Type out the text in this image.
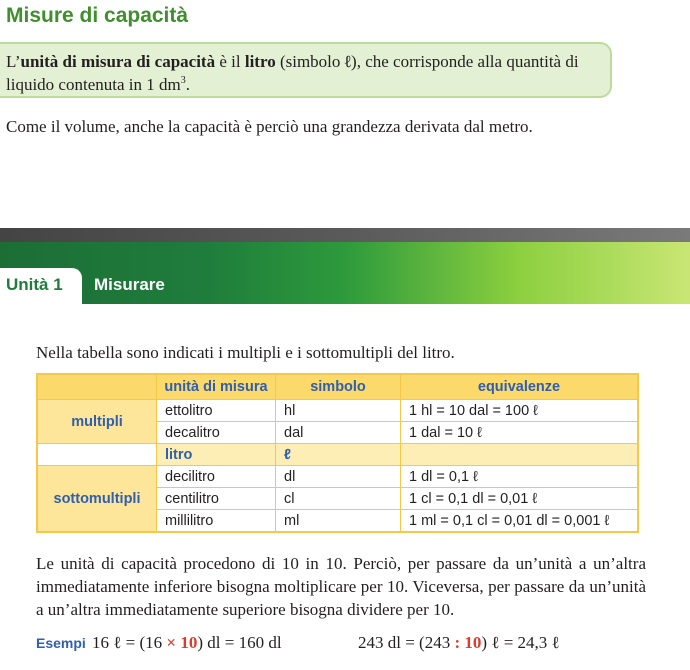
Misure di capacità
L’unità di misura di capacità è il litro (simbolo ℓ), che corrisponde alla quantità di liquido contenuta in 1 $dm^3$.

Come il volume, anche la capacità è perciò una grandezza derivata dal metro.

Unità 1 Misurare

Nella tabella sono indicati i multipli e i sottomultipli del litro.

	unità di misura	simbolo	equivalenze
multipli	ettolitro	hl	1 hl = 10 dal = 100 ℓ
	decalitro	dal	1 dal = 10 ℓ
	litro	ℓ	
sottomultipli	decilitro	dl	1 dl = 0,1 ℓ
	centilitro	cl	1 cl = 0,1 dl = 0,01 ℓ
	millilitro	ml	1 ml = 0,1 cl = 0,01 dl = 0,001 ℓ

Le unità di capacità procedono di 10 in 10. Perciò, per passare da un’unità a un’altra immediatamente inferiore bisogna moltiplicare per 10. Viceversa, per passare da un’unità a un’altra immediatamente superiore bisogna dividere per 10.

Esempi 16 ℓ = (16 × 10) dl = 160 dl	243 dl = (243 : 10) ℓ = 24,3 ℓ
